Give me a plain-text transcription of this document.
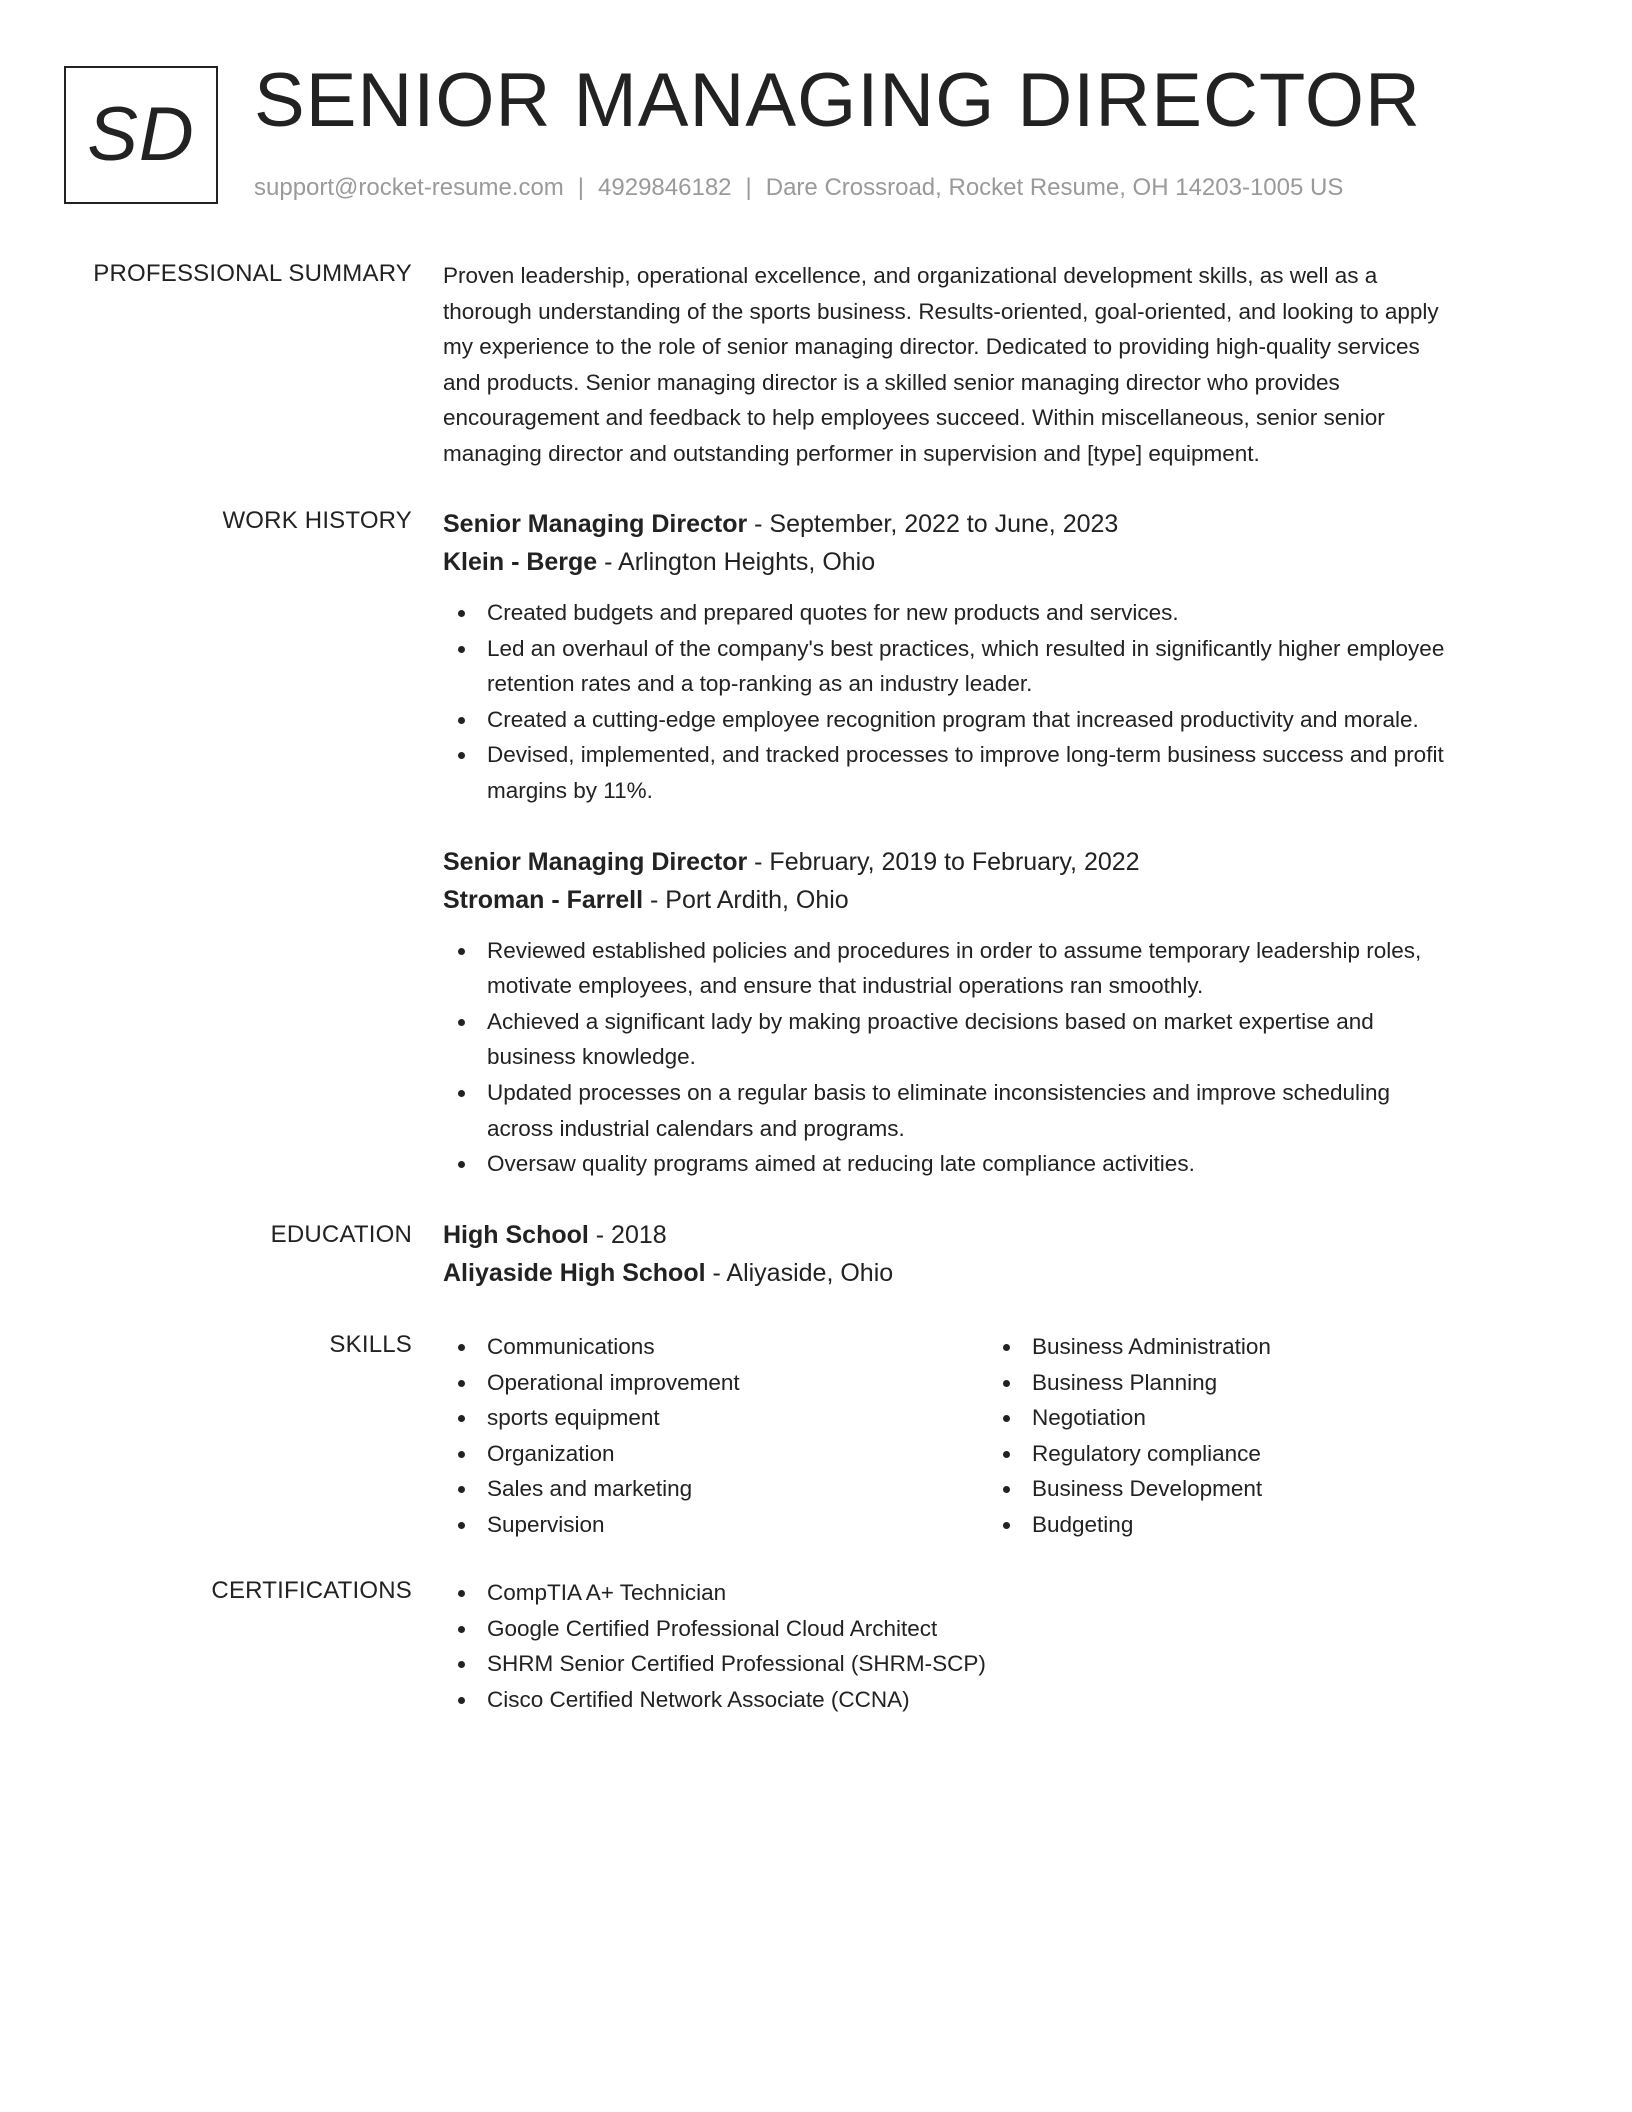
SD SENIOR MANAGING DIRECTOR
support@rocket-resume.com | 4929846182 | Dare Crossroad, Rocket Resume, OH 14203-1005 US
PROFESSIONAL SUMMARY Proven leadership, operational excellence, and organizational development skills, as well as a

thorough understanding of the sports business. Results-oriented, goal-oriented, and looking to apply

my experience to the role of senior managing director. Dedicated to providing high-quality services

and products. Senior managing director is a skilled senior managing director who provides

encouragement and feedback to help employees succeed. Within miscellaneous, senior senior

managing director and outstanding performer in supervision and [type] equipment.

WORK HISTORY Senior Managing Director - September, 2022 to June, 2023

Klein - Berge - Arlington Heights, Ohio

Created budgets and prepared quotes for new products and services.
Led an overhaul of the company's best practices, which resulted in significantly higher employee
retention rates and a top-ranking as an industry leader.
Created a cutting-edge employee recognition program that increased productivity and morale.
Devised, implemented, and tracked processes to improve long-term business success and profit
margins by 11%.

Senior Managing Director - February, 2019 to February, 2022

Stroman - Farrell - Port Ardith, Ohio

Reviewed established policies and procedures in order to assume temporary leadership roles,
motivate employees, and ensure that industrial operations ran smoothly.
Achieved a significant lady by making proactive decisions based on market expertise and
business knowledge.
Updated processes on a regular basis to eliminate inconsistencies and improve scheduling
across industrial calendars and programs.
Oversaw quality programs aimed at reducing late compliance activities.
EDUCATION High School - 2018

Aliyaside High School - Aliyaside, Ohio

SKILLS	Communications
Operational improvement
sports equipment
Organization
Sales and marketing
Supervision
Business Administration
Business Planning
Negotiation
Regulatory compliance
Business Development
Budgeting
CERTIFICATIONS	CompTIA A+ Technician
Google Certified Professional Cloud Architect
SHRM Senior Certified Professional (SHRM-SCP)
Cisco Certified Network Associate (CCNA)
